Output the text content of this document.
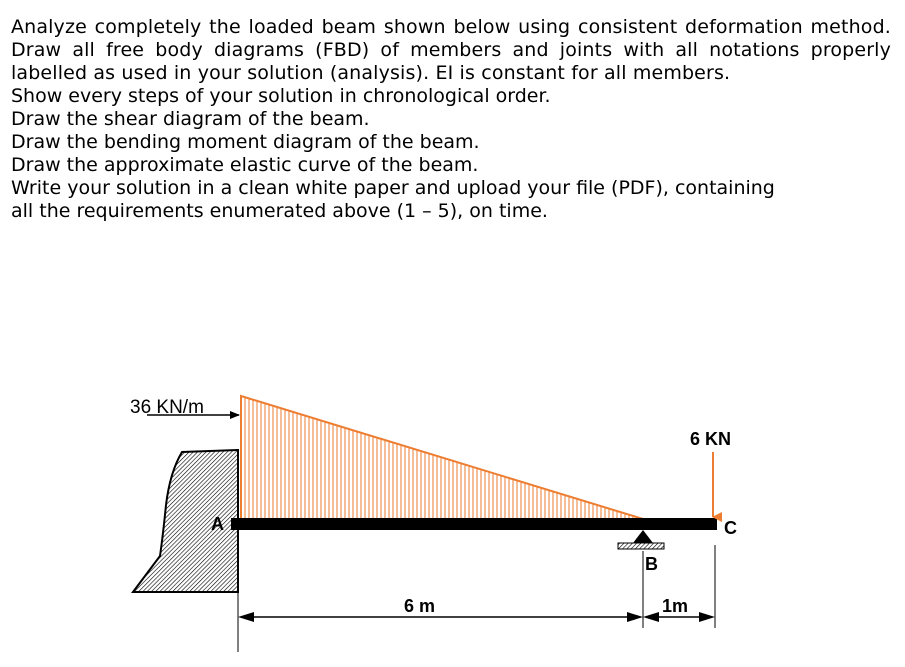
Analyze completely the loaded beam shown below using consistent deformation method. Draw all free body diagrams (FBD) of members and joints with all notations properly labelled as used in your solution (analysis). EI is constant for all members.

Show every steps of your solution in chronological order.

Draw the shear diagram of the beam.

Draw the bending moment diagram of the beam.

Draw the approximate elastic curve of the beam.

Write your solution in a clean white paper and upload your file (PDF), containing

all the requirements enumerated above (1 – 5), on time.

36 KN/m
6 KN
A
B
C
6 m	1m
